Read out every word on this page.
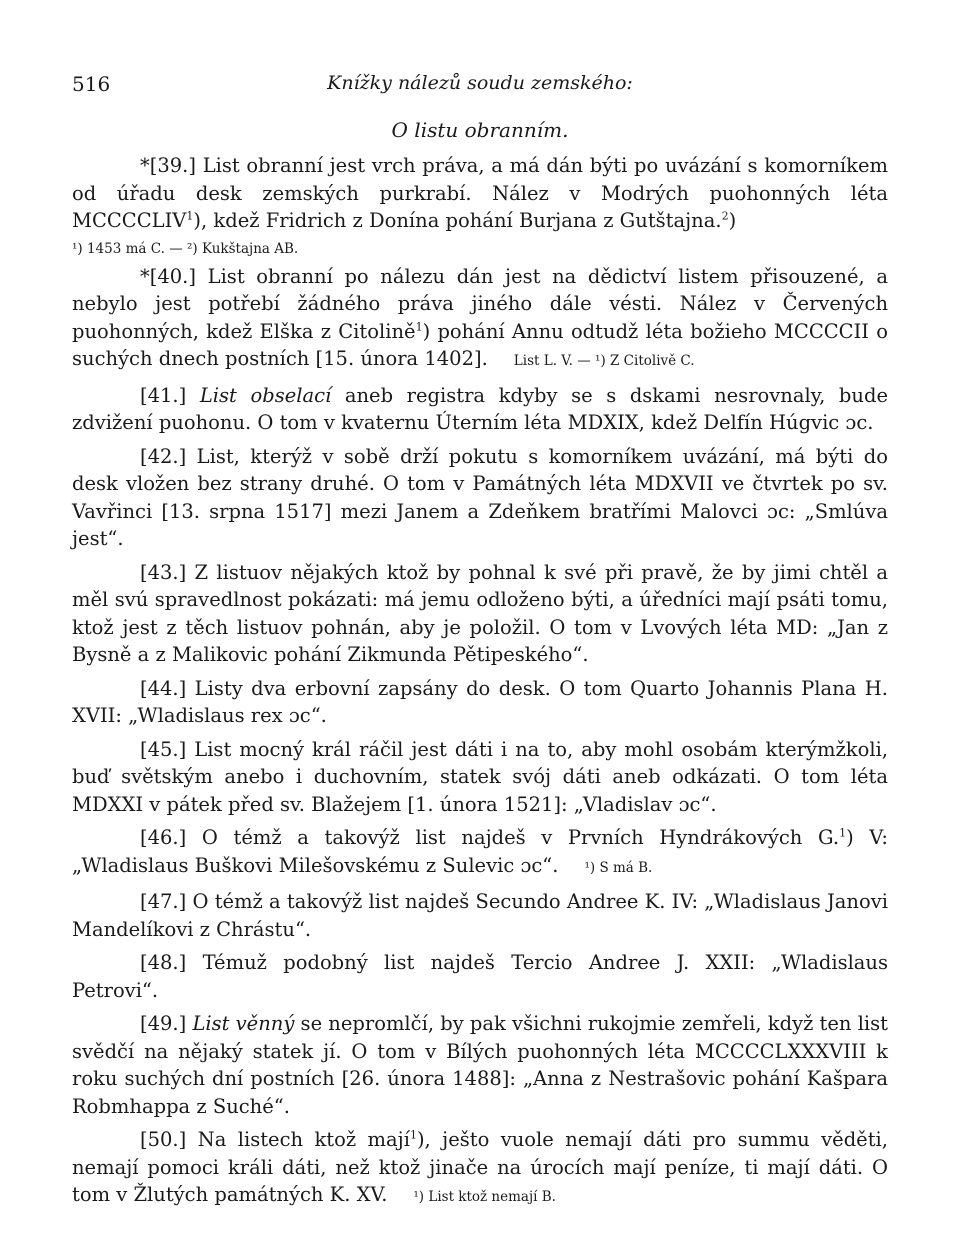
516	Knížky nálezů soudu zemského:
O listu obranním.

*[39.] List obranní jest vrch práva, a má dán býti po uvázání s komorníkem od úřadu desk zemských purkrabí. Nález v Modrých puohonných léta MCCCCLIV$^1$), kdež Fridrich z Donína pohání Burjana z Gutštajna.$^2$)

¹) 1453 má C. — ²) Kukštajna AB.

*[40.] List obranní po nálezu dán jest na dědictví listem přisouzené, a nebylo jest potřebí žádného práva jiného dále vésti. Nález v Červených puohonných, kdež Elška z Citolině$^1$) pohání Annu odtudž léta božieho MCCCCII o suchých dnech postních [15. února 1402]. List L. V. — ¹) Z Citolivě C.

[41.] List obselací aneb registra kdyby se s dskami nesrovnaly, bude zdvižení puohonu. O tom v kvaternu Úterním léta MDXIX, kdež Delfín Húgvic ɔc.

[42.] List, kterýž v sobě drží pokutu s komorníkem uvázání, má býti do desk vložen bez strany druhé. O tom v Památných léta MDXVII ve čtvrtek po sv. Vavřinci [13. srpna 1517] mezi Janem a Zdeňkem bratřími Malovci ɔc: „Smlúva jest“.

[43.] Z listuov nějakých ktož by pohnal k své při pravě, že by jimi chtěl a měl svú spravedlnost pokázati: má jemu odloženo býti, a úředníci mají psáti tomu, ktož jest z těch listuov pohnán, aby je položil. O tom v Lvových léta MD: „Jan z Bysně a z Malikovic pohání Zikmunda Pětipeského“.

[44.] Listy dva erbovní zapsány do desk. O tom Quarto Johannis Plana H. XVII: „Wladislaus rex ɔc“.

[45.] List mocný král ráčil jest dáti i na to, aby mohl osobám kterýmžkoli, buď světským anebo i duchovním, statek svój dáti aneb odkázati. O tom léta MDXXI v pátek před sv. Blažejem [1. února 1521]: „Vladislav ɔc“.

[46.] O témž a takovýž list najdeš v Prvních Hyndrákových G.$^1$) V: „Wladislaus Buškovi Milešovskému z Sulevic ɔc“. ¹) S má B.

[47.] O témž a takovýž list najdeš Secundo Andree K. IV: „Wladislaus Janovi Mandelíkovi z Chrástu“.

[48.] Témuž podobný list najdeš Tercio Andree J. XXII: „Wladislaus Petrovi“.

[49.] List věnný se nepromlčí, by pak všichni rukojmie zemřeli, když ten list svědčí na nějaký statek jí. O tom v Bílých puohonných léta MCCCCLXXXVIII k roku suchých dní postních [26. února 1488]: „Anna z Nestrašovic pohání Kašpara Robmhappa z Suché“.

[50.] Na listech ktož mají$^1$), ješto vuole nemají dáti pro summu věděti, nemají pomoci králi dáti, než ktož jinače na úrocích mají peníze, ti mají dáti. O tom v Žlutých památných K. XV. ¹) List ktož nemají B.
